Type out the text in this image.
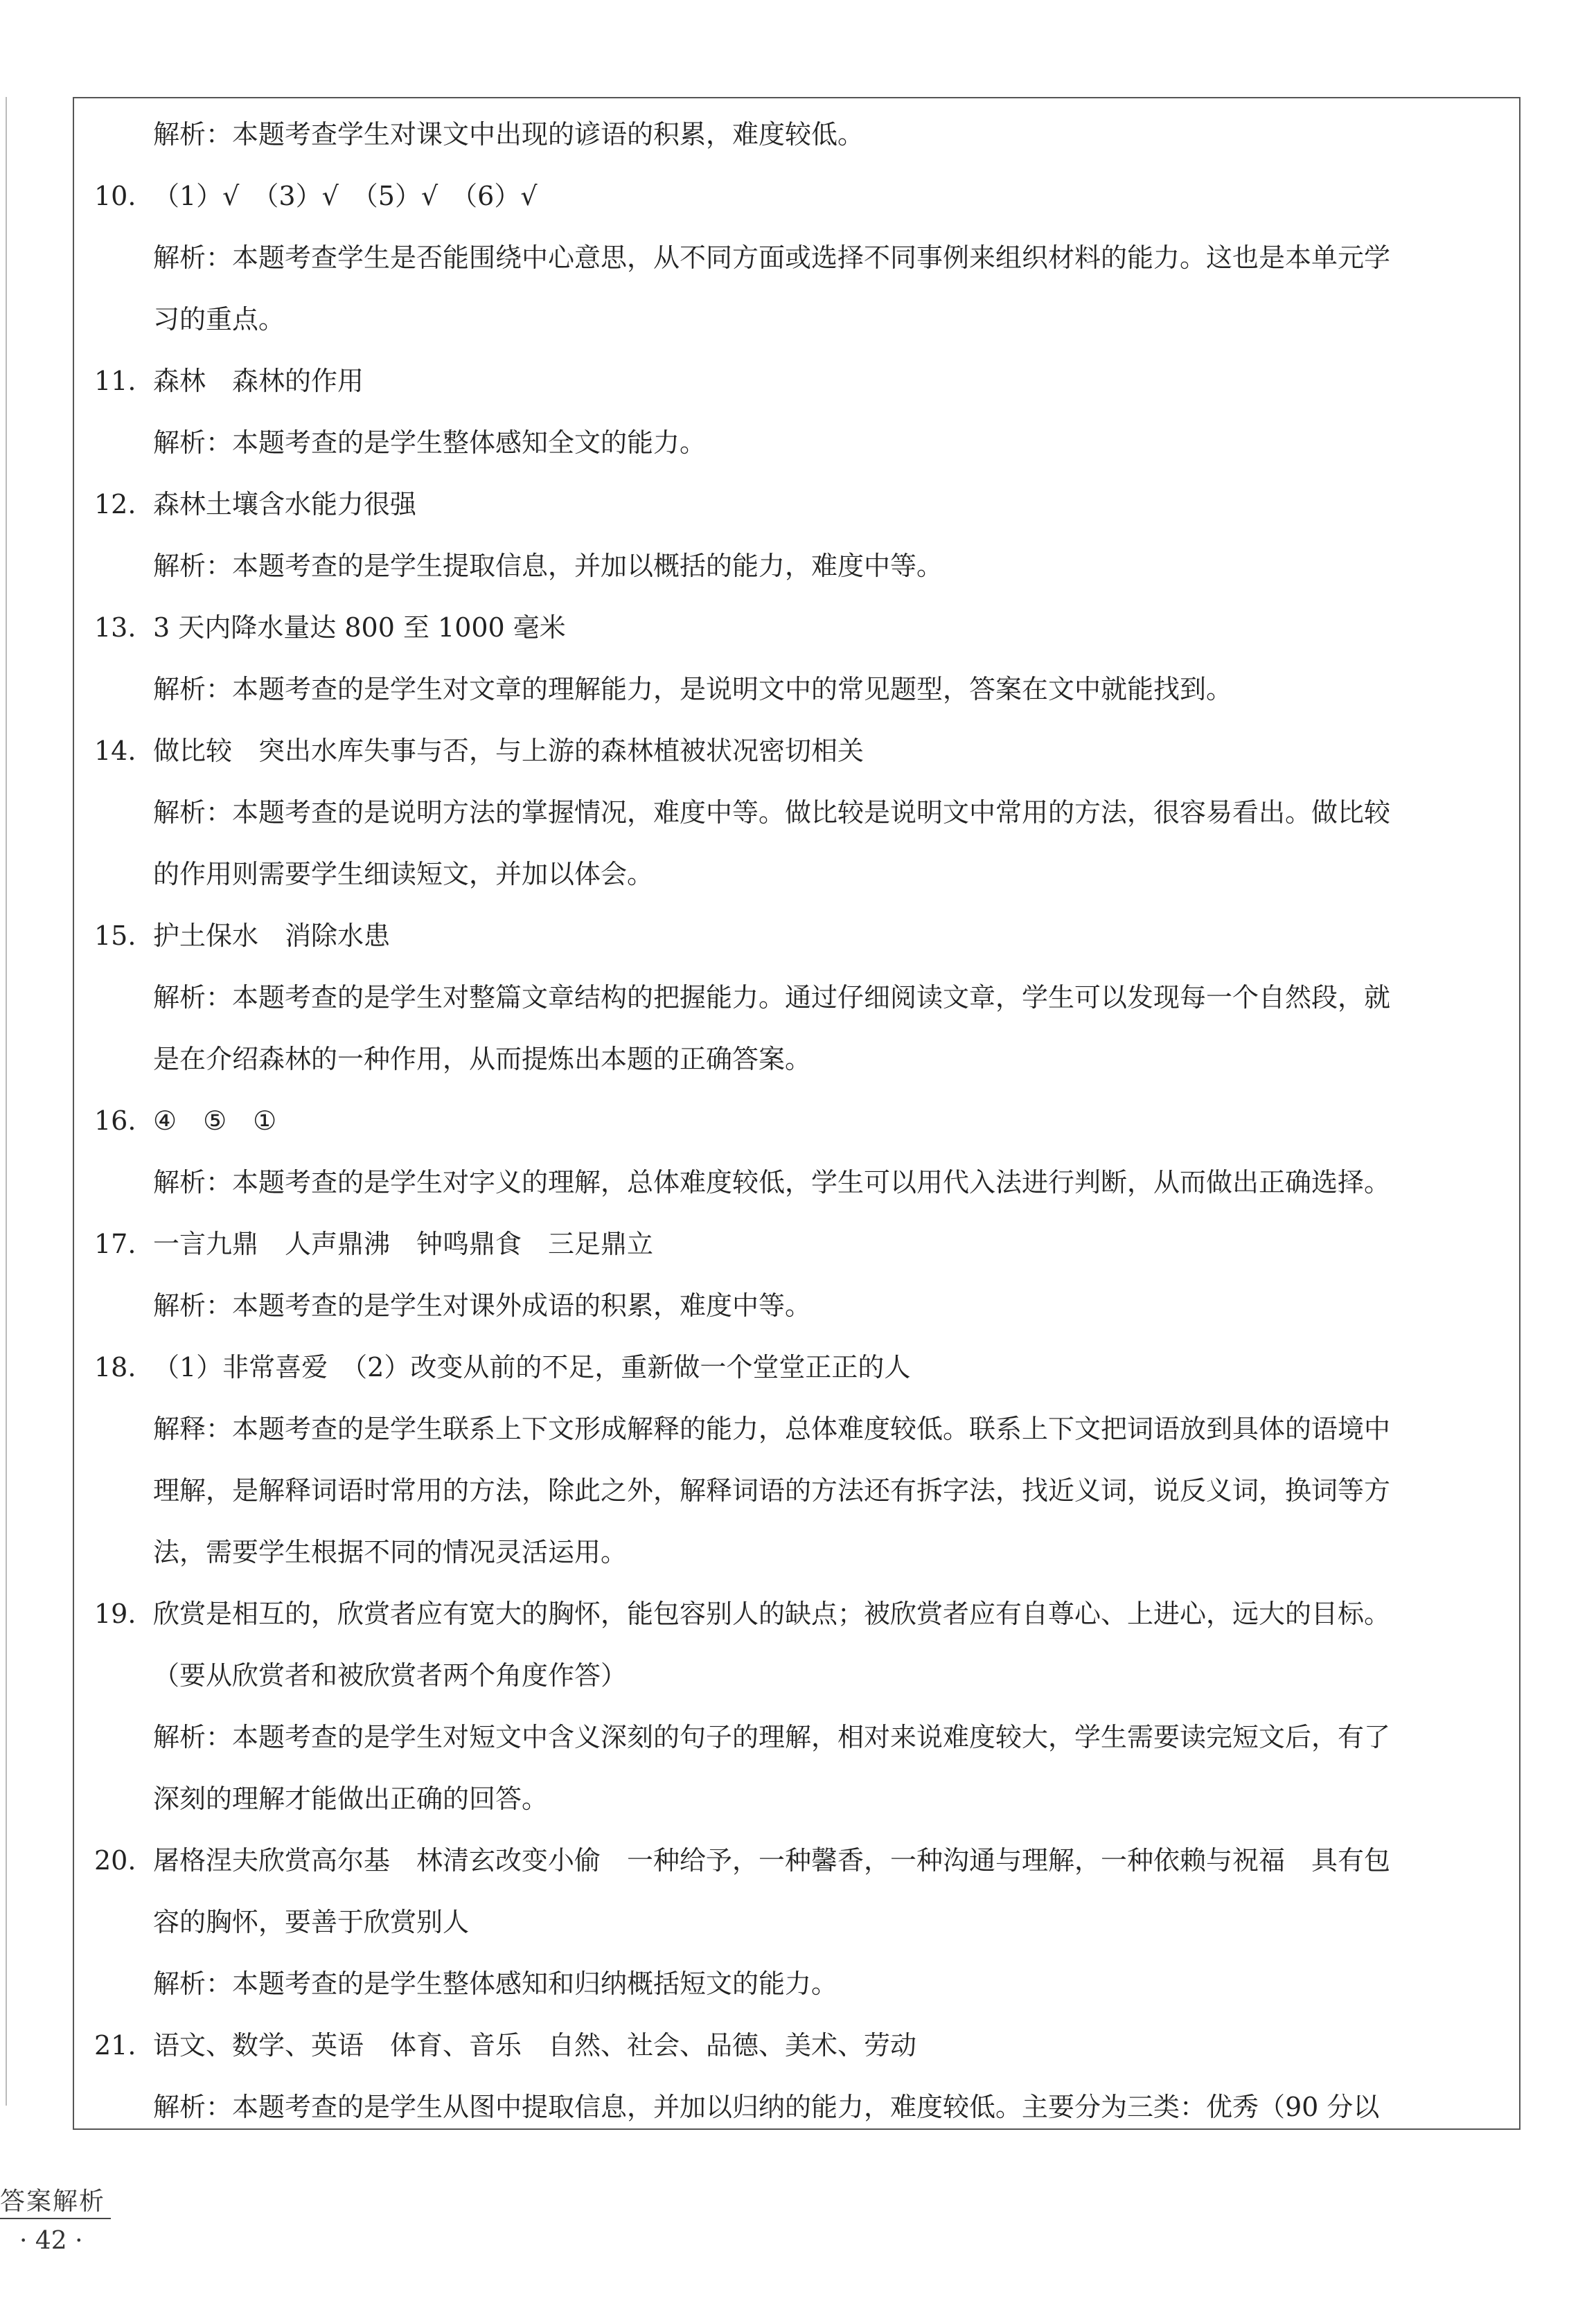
解析：本题考查学生对课文中出现的谚语的积累，难度较低。
10. （1）√　（3）√　（5）√　（6）√
解析：本题考查学生是否能围绕中心意思，从不同方面或选择不同事例来组织材料的能力。这也是本单元学
习的重点。
11. 森林　森林的作用
解析：本题考查的是学生整体感知全文的能力。
12. 森林土壤含水能力很强
解析：本题考查的是学生提取信息，并加以概括的能力，难度中等。
13. 3 天内降水量达 800 至 1000 毫米
解析：本题考查的是学生对文章的理解能力，是说明文中的常见题型，答案在文中就能找到。
14. 做比较　突出水库失事与否，与上游的森林植被状况密切相关
解析：本题考查的是说明方法的掌握情况，难度中等。做比较是说明文中常用的方法，很容易看出。做比较
的作用则需要学生细读短文，并加以体会。
15. 护土保水　消除水患
解析：本题考查的是学生对整篇文章结构的把握能力。通过仔细阅读文章，学生可以发现每一个自然段，就
是在介绍森林的一种作用，从而提炼出本题的正确答案。
16. ④　⑤　①
解析：本题考查的是学生对字义的理解，总体难度较低，学生可以用代入法进行判断，从而做出正确选择。
17. 一言九鼎　人声鼎沸　钟鸣鼎食　三足鼎立
解析：本题考查的是学生对课外成语的积累，难度中等。
18. （1）非常喜爱　（2）改变从前的不足，重新做一个堂堂正正的人
解释：本题考查的是学生联系上下文形成解释的能力，总体难度较低。联系上下文把词语放到具体的语境中
理解，是解释词语时常用的方法，除此之外，解释词语的方法还有拆字法，找近义词，说反义词，换词等方
法，需要学生根据不同的情况灵活运用。
19. 欣赏是相互的，欣赏者应有宽大的胸怀，能包容别人的缺点；被欣赏者应有自尊心、上进心，远大的目标。
（要从欣赏者和被欣赏者两个角度作答）
解析：本题考查的是学生对短文中含义深刻的句子的理解，相对来说难度较大，学生需要读完短文后，有了
深刻的理解才能做出正确的回答。
20. 屠格涅夫欣赏高尔基　林清玄改变小偷　一种给予，一种馨香，一种沟通与理解，一种依赖与祝福　具有包
容的胸怀，要善于欣赏别人
解析：本题考查的是学生整体感知和归纳概括短文的能力。
21. 语文、数学、英语　体育、音乐　自然、社会、品德、美术、劳动
解析：本题考查的是学生从图中提取信息，并加以归纳的能力，难度较低。主要分为三类：优秀（90 分以
答案解析
· 42 ·
